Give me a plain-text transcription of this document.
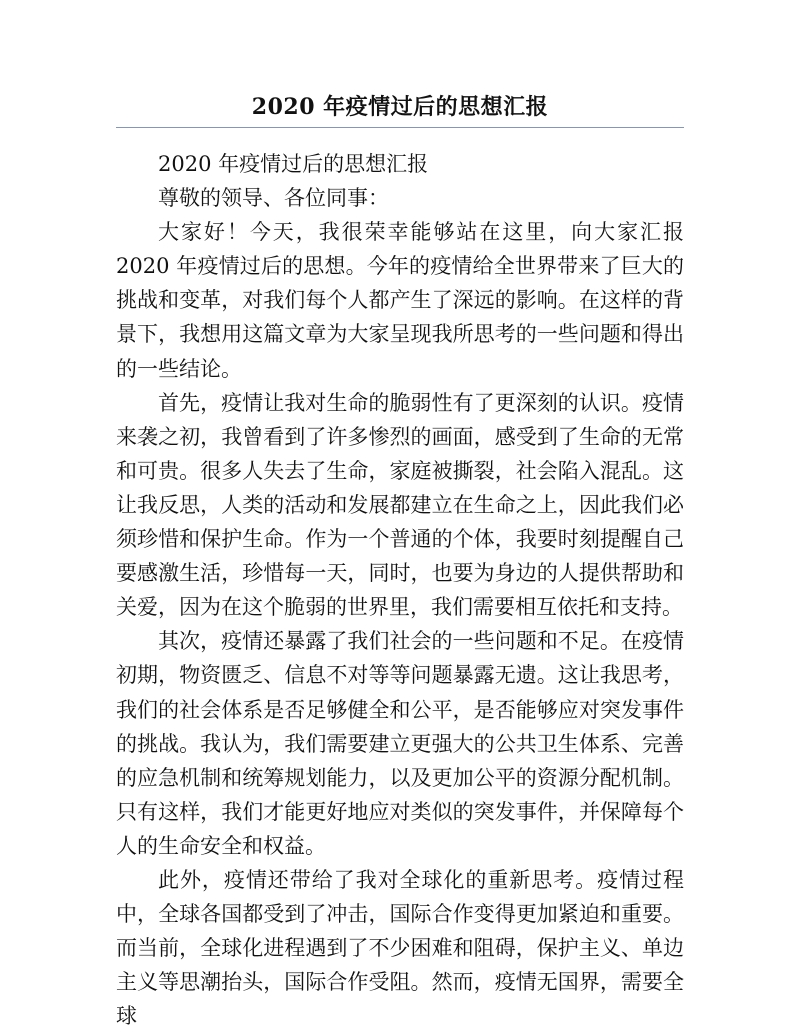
2020 年疫情过后的思想汇报

2020 年疫情过后的思想汇报

尊敬的领导、各位同事：

大家好！今天，我很荣幸能够站在这里，向大家汇报 2020 年疫情过后的思想。今年的疫情给全世界带来了巨大的挑战和变革，对我们每个人都产生了深远的影响。在这样的背景下，我想用这篇文章为大家呈现我所思考的一些问题和得出的一些结论。

首先，疫情让我对生命的脆弱性有了更深刻的认识。疫情来袭之初，我曾看到了许多惨烈的画面，感受到了生命的无常和可贵。很多人失去了生命，家庭被撕裂，社会陷入混乱。这让我反思，人类的活动和发展都建立在生命之上，因此我们必须珍惜和保护生命。作为一个普通的个体，我要时刻提醒自己要感激生活，珍惜每一天，同时，也要为身边的人提供帮助和关爱，因为在这个脆弱的世界里，我们需要相互依托和支持。

其次，疫情还暴露了我们社会的一些问题和不足。在疫情初期，物资匮乏、信息不对等等问题暴露无遗。这让我思考，我们的社会体系是否足够健全和公平，是否能够应对突发事件的挑战。我认为，我们需要建立更强大的公共卫生体系、完善的应急机制和统筹规划能力，以及更加公平的资源分配机制。只有这样，我们才能更好地应对类似的突发事件，并保障每个人的生命安全和权益。

此外，疫情还带给了我对全球化的重新思考。疫情过程中，全球各国都受到了冲击，国际合作变得更加紧迫和重要。而当前，全球化进程遇到了不少困难和阻碍，保护主义、单边主义等思潮抬头，国际合作受阻。然而，疫情无国界，需要全球
